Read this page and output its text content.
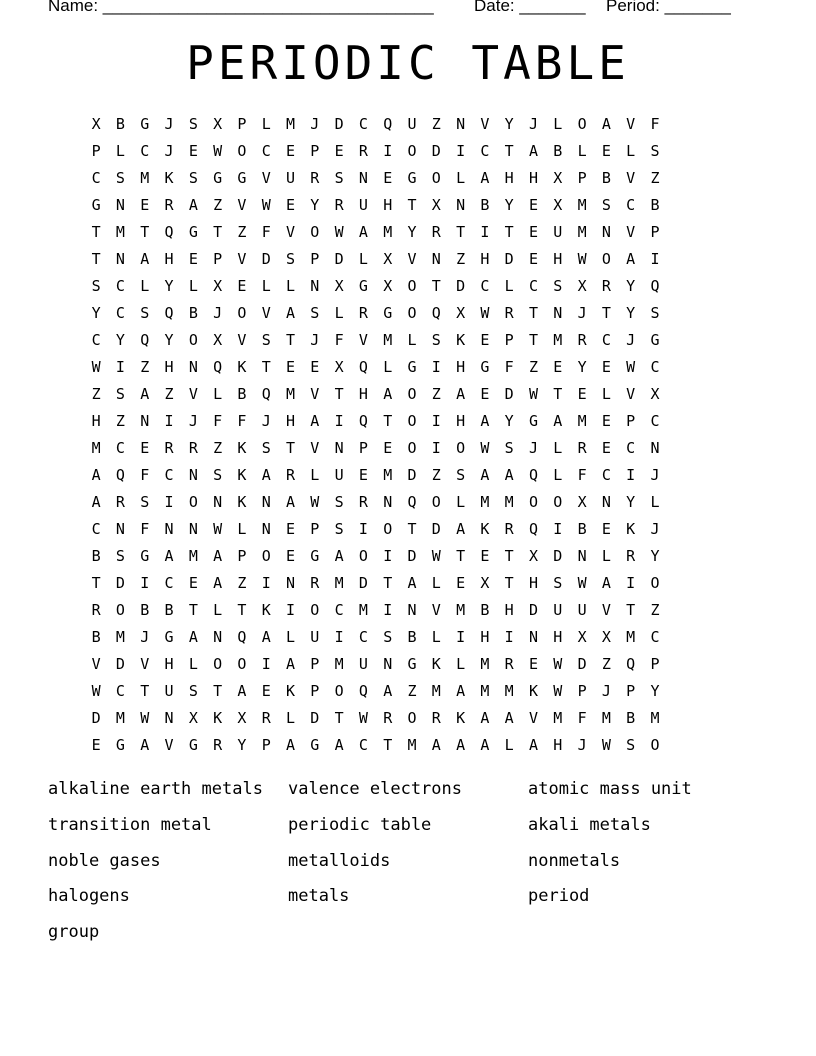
Name: ___________________________________ Date: _______ Period: _______
PERIODIC TABLE
X	B	G	J	S	X	P	L	M	J	D	C	Q	U	Z	N	V	Y	J	L	O	A	V	F
P	L	C	J	E	W	O	C	E	P	E	R	I	O	D	I	C	T	A	B	L	E	L	S
C	S	M	K	S	G	G	V	U	R	S	N	E	G	O	L	A	H	H	X	P	B	V	Z
G	N	E	R	A	Z	V	W	E	Y	R	U	H	T	X	N	B	Y	E	X	M	S	C	B
T	M	T	Q	G	T	Z	F	V	O	W	A	M	Y	R	T	I	T	E	U	M	N	V	P
T	N	A	H	E	P	V	D	S	P	D	L	X	V	N	Z	H	D	E	H	W	O	A	I
S	C	L	Y	L	X	E	L	L	N	X	G	X	O	T	D	C	L	C	S	X	R	Y	Q
Y	C	S	Q	B	J	O	V	A	S	L	R	G	O	Q	X	W	R	T	N	J	T	Y	S
C	Y	Q	Y	O	X	V	S	T	J	F	V	M	L	S	K	E	P	T	M	R	C	J	G
W	I	Z	H	N	Q	K	T	E	E	X	Q	L	G	I	H	G	F	Z	E	Y	E	W	C
Z	S	A	Z	V	L	B	Q	M	V	T	H	A	O	Z	A	E	D	W	T	E	L	V	X
H	Z	N	I	J	F	F	J	H	A	I	Q	T	O	I	H	A	Y	G	A	M	E	P	C
M	C	E	R	R	Z	K	S	T	V	N	P	E	O	I	O	W	S	J	L	R	E	C	N
A	Q	F	C	N	S	K	A	R	L	U	E	M	D	Z	S	A	A	Q	L	F	C	I	J
A	R	S	I	O	N	K	N	A	W	S	R	N	Q	O	L	M	M	O	O	X	N	Y	L
C	N	F	N	N	W	L	N	E	P	S	I	O	T	D	A	K	R	Q	I	B	E	K	J
B	S	G	A	M	A	P	O	E	G	A	O	I	D	W	T	E	T	X	D	N	L	R	Y
T	D	I	C	E	A	Z	I	N	R	M	D	T	A	L	E	X	T	H	S	W	A	I	O
R	O	B	B	T	L	T	K	I	O	C	M	I	N	V	M	B	H	D	U	U	V	T	Z
B	M	J	G	A	N	Q	A	L	U	I	C	S	B	L	I	H	I	N	H	X	X	M	C
V	D	V	H	L	O	O	I	A	P	M	U	N	G	K	L	M	R	E	W	D	Z	Q	P
W	C	T	U	S	T	A	E	K	P	O	Q	A	Z	M	A	M	M	K	W	P	J	P	Y
D	M	W	N	X	K	X	R	L	D	T	W	R	O	R	K	A	A	V	M	F	M	B	M
E	G	A	V	G	R	Y	P	A	G	A	C	T	M	A	A	A	L	A	H	J	W	S	O
alkaline earth metals	valence electrons	atomic mass unit
transition metal	periodic table	akali metals
noble gases	metalloids	nonmetals
halogens	metals	period
group
